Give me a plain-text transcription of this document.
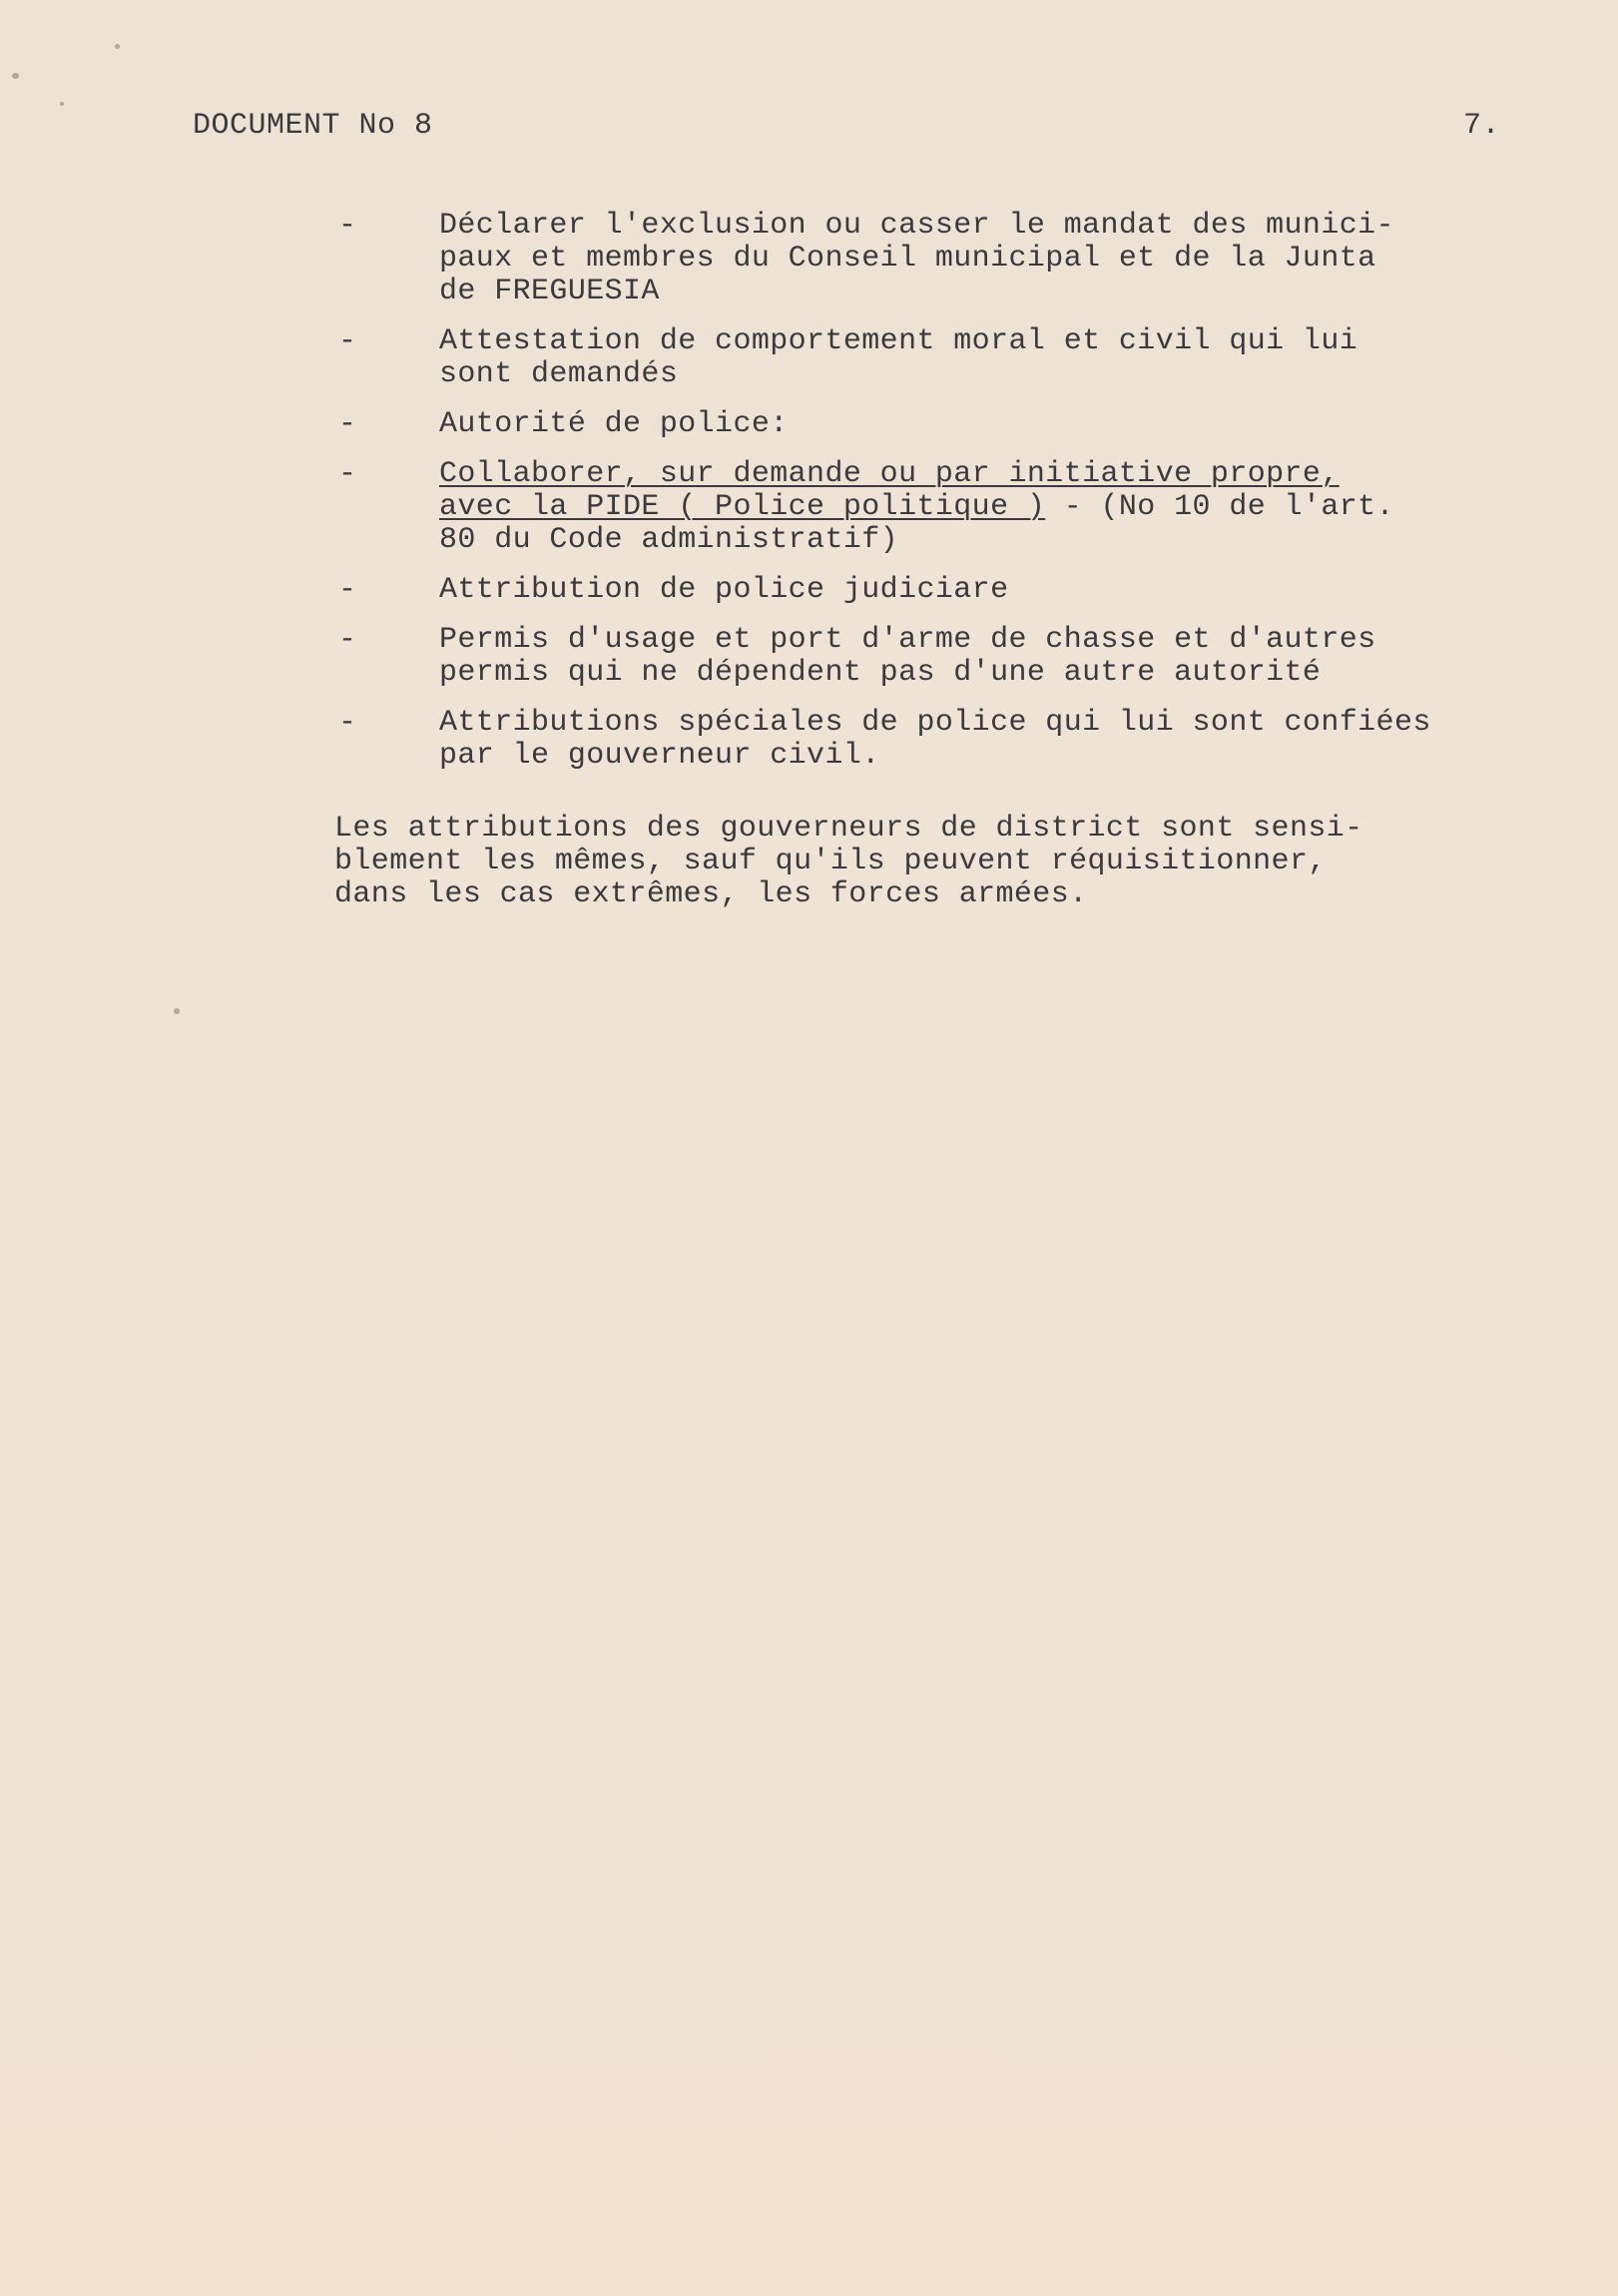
DOCUMENT No 8	7.
-	Déclarer l'exclusion ou casser le mandat des munici-
paux et membres du Conseil municipal et de la Junta
de FREGUESIA
-	Attestation de comportement moral et civil qui lui
sont demandés
-	Autorité de police:
-	Collaborer, sur demande ou par initiative propre,
avec la PIDE ( Police politique ) - (No 10 de l'art.
80 du Code administratif)
-	Attribution de police judiciare
-	Permis d'usage et port d'arme de chasse et d'autres
permis qui ne dépendent pas d'une autre autorité
-	Attributions spéciales de police qui lui sont confiées
par le gouverneur civil.

Les attributions des gouverneurs de district sont sensi-
blement les mêmes, sauf qu'ils peuvent réquisitionner,
dans les cas extrêmes, les forces armées.
